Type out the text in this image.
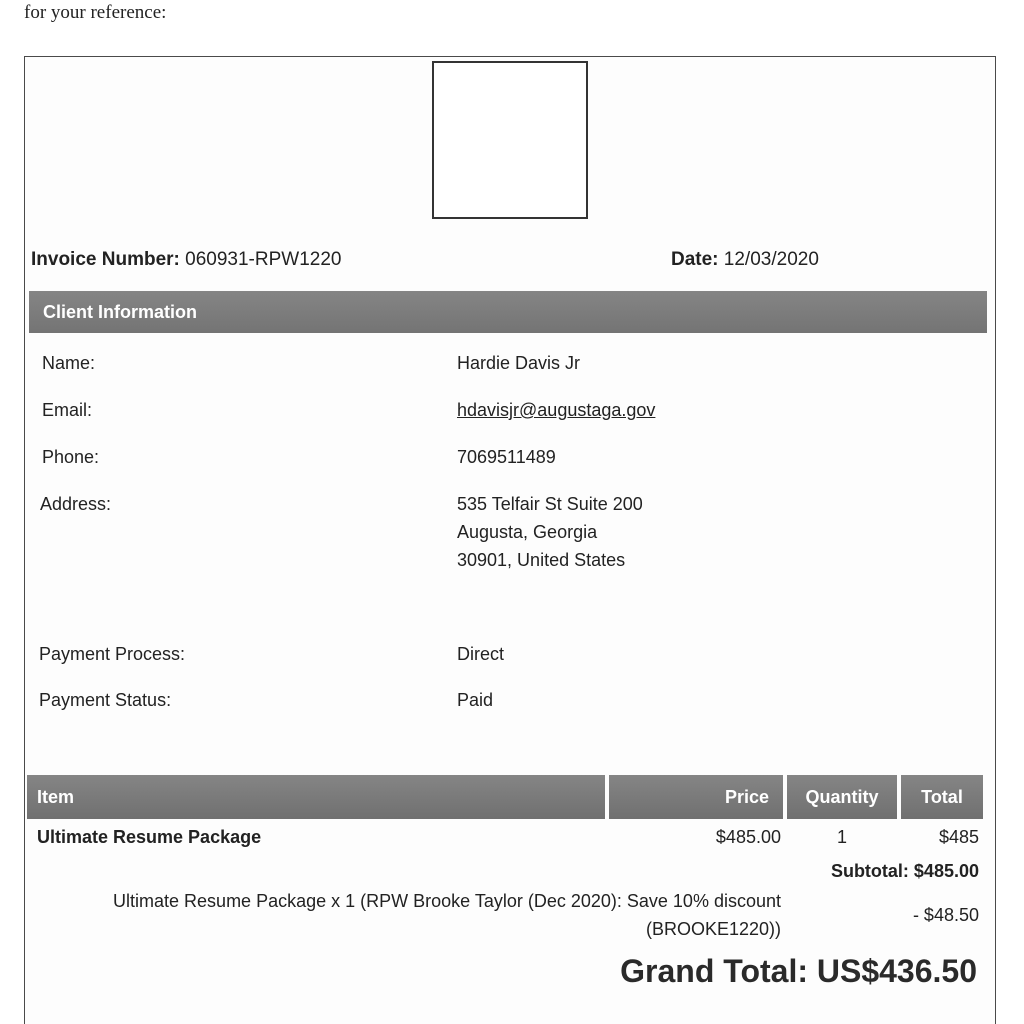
for your reference:
Invoice Number: 060931-RPW1220	Date: 12/03/2020
Client Information
Name:	Hardie Davis Jr
Email:	hdavisjr@augustaga.gov
Phone:	7069511489
Address:	535 Telfair St Suite 200
Augusta, Georgia
30901, United States
Payment Process:	Direct
Payment Status:	Paid
Item	Price	Quantity	Total
Ultimate Resume Package	$485.00	1	$485
Subtotal: $485.00
Ultimate Resume Package x 1 (RPW Brooke Taylor (Dec 2020): Save 10% discount
(BROOKE1220))
- $48.50
Grand Total: US$436.50
